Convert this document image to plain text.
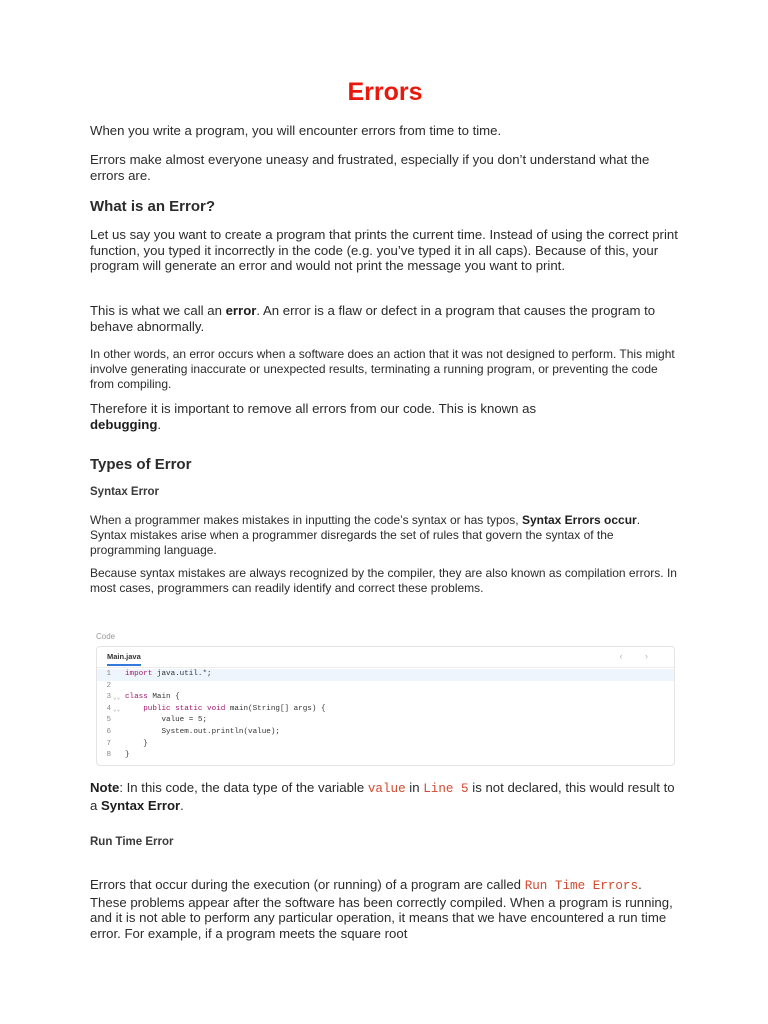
Errors

When you write a program, you will encounter errors from time to time.

Errors make almost everyone uneasy and frustrated, especially if you don’t understand what the errors are.

What is an Error?

Let us say you want to create a program that prints the current time. Instead of using the correct print function, you typed it incorrectly in the code (e.g. you’ve typed it in all caps). Because of this, your program will generate an error and would not print the message you want to print.

This is what we call an error. An error is a flaw or defect in a program that causes the program to behave abnormally.

In other words, an error occurs when a software does an action that it was not designed to perform. This might involve generating inaccurate or unexpected results, terminating a running program, or preventing the code from compiling.

Therefore it is important to remove all errors from our code. This is known as debugging.

Types of Error
Syntax Error

When a programmer makes mistakes in inputting the code’s syntax or has typos, Syntax Errors occur. Syntax mistakes arise when a programmer disregards the set of rules that govern the syntax of the programming language.

Because syntax mistakes are always recognized by the compiler, they are also known as compilation errors. In most cases, programmers can readily identify and correct these problems.

Code
Main.java	‹ ›
1 import java.util.*;
2
3 ⌄⌄ class Main {
4 ⌄⌄ public static void main(String[] args) {
5 value = 5;
6 System.out.println(value);
7 }
8 }

Note: In this code, the data type of the variable value in Line 5 is not declared, this would result to a Syntax Error.

Run Time Error

Errors that occur during the execution (or running) of a program are called Run Time Errors. These problems appear after the software has been correctly compiled. When a program is running, and it is not able to perform any particular operation, it means that we have encountered a run time error. For example, if a program meets the square root
